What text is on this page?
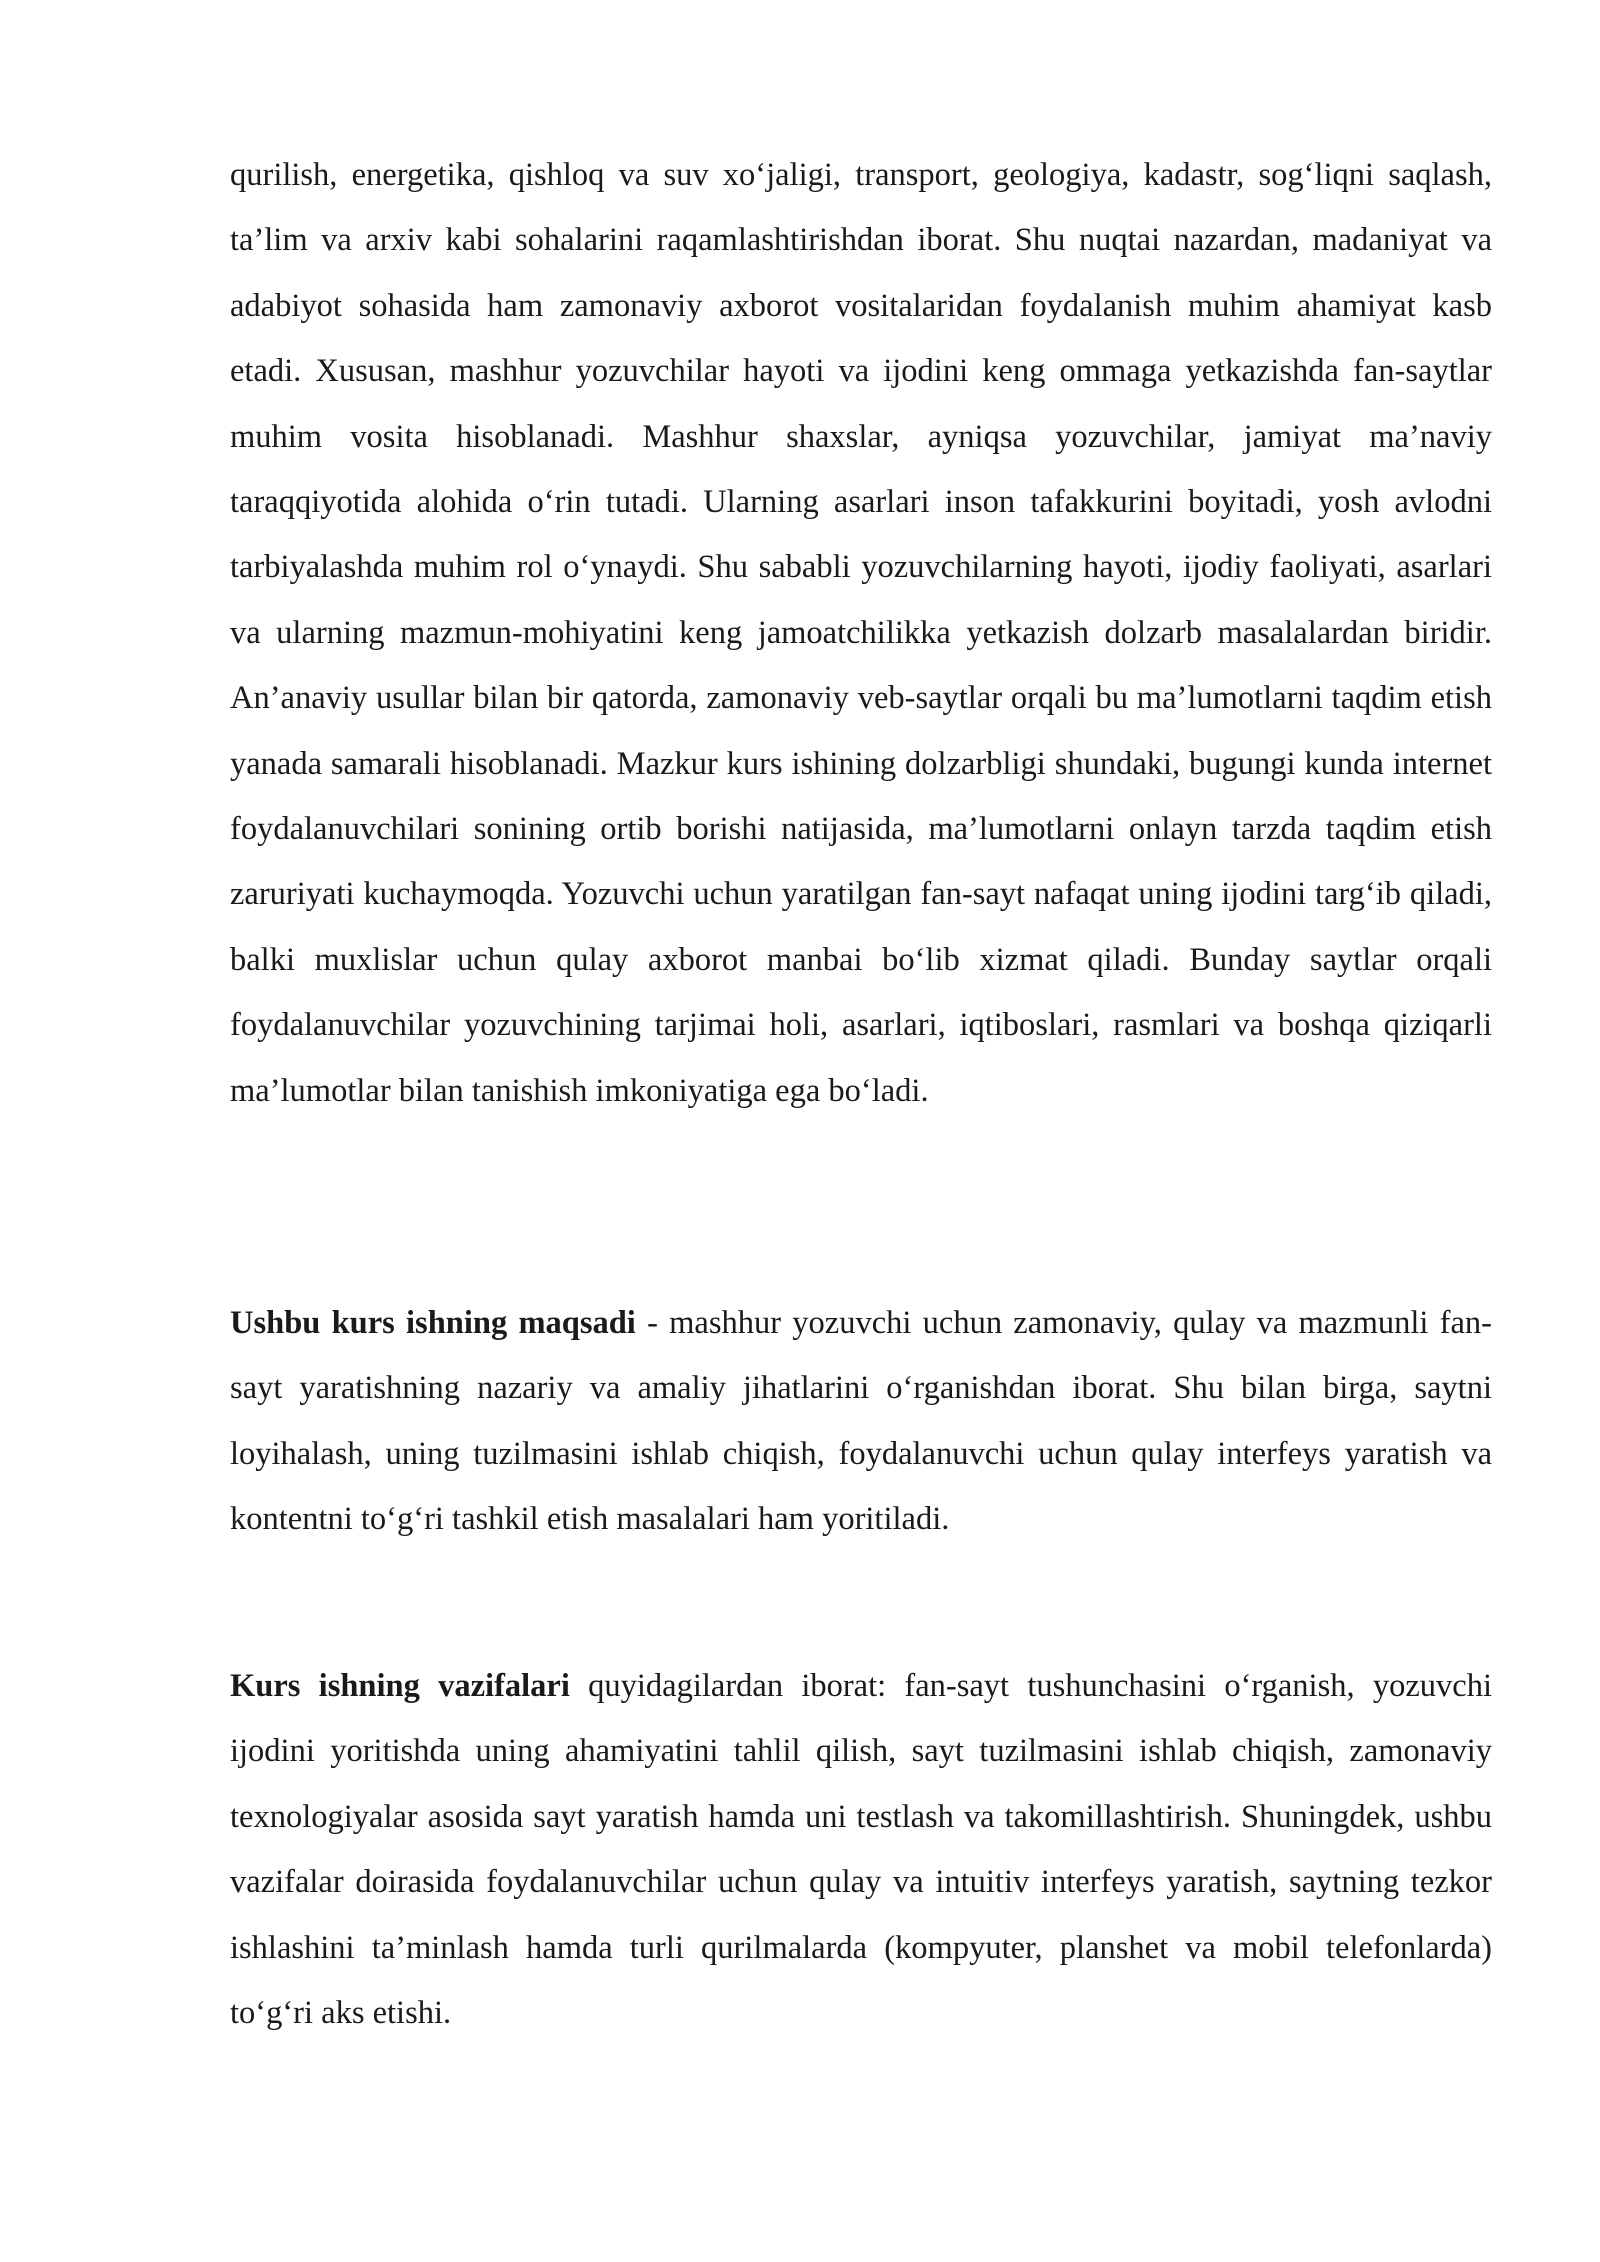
qurilish, energetika, qishloq va suv xo‘jaligi, transport, geologiya, kadastr, sog‘liqni saqlash, ta’lim va arxiv kabi sohalarini raqamlashtirishdan iborat. Shu nuqtai nazardan, madaniyat va adabiyot sohasida ham zamonaviy axborot vositalaridan foydalanish muhim ahamiyat kasb etadi. Xususan, mashhur yozuvchilar hayoti va ijodini keng ommaga yetkazishda fan-saytlar muhim vosita hisoblanadi. Mashhur shaxslar, ayniqsa yozuvchilar, jamiyat ma’naviy taraqqiyotida alohida o‘rin tutadi. Ularning asarlari inson tafakkurini boyitadi, yosh avlodni tarbiyalashda muhim rol o‘ynaydi. Shu sababli yozuvchilarning hayoti, ijodiy faoliyati, asarlari va ularning mazmun-mohiyatini keng jamoatchilikka yetkazish dolzarb masalalardan biridir. An’anaviy usullar bilan bir qatorda, zamonaviy veb-saytlar orqali bu ma’lumotlarni taqdim etish yanada samarali hisoblanadi. Mazkur kurs ishining dolzarbligi shundaki, bugungi kunda internet foydalanuvchilari sonining ortib borishi natijasida, ma’lumotlarni onlayn tarzda taqdim etish zaruriyati kuchaymoqda. Yozuvchi uchun yaratilgan fan-sayt nafaqat uning ijodini targ‘ib qiladi, balki muxlislar uchun qulay axborot manbai bo‘lib xizmat qiladi. Bunday saytlar orqali foydalanuvchilar yozuvchining tarjimai holi, asarlari, iqtiboslari, rasmlari va boshqa qiziqarli ma’lumotlar bilan tanishish imkoniyatiga ega bo‘ladi.

Ushbu kurs ishning maqsadi - mashhur yozuvchi uchun zamonaviy, qulay va mazmunli fan-sayt yaratishning nazariy va amaliy jihatlarini o‘rganishdan iborat. Shu bilan birga, saytni loyihalash, uning tuzilmasini ishlab chiqish, foydalanuvchi uchun qulay interfeys yaratish va kontentni to‘g‘ri tashkil etish masalalari ham yoritiladi.

Kurs ishning vazifalari quyidagilardan iborat: fan-sayt tushunchasini o‘rganish, yozuvchi ijodini yoritishda uning ahamiyatini tahlil qilish, sayt tuzilmasini ishlab chiqish, zamonaviy texnologiyalar asosida sayt yaratish hamda uni testlash va takomillashtirish. Shuningdek, ushbu vazifalar doirasida foydalanuvchilar uchun qulay va intuitiv interfeys yaratish, saytning tezkor ishlashini ta’minlash hamda turli qurilmalarda (kompyuter, planshet va mobil telefonlarda) to‘g‘ri aks etishi.
